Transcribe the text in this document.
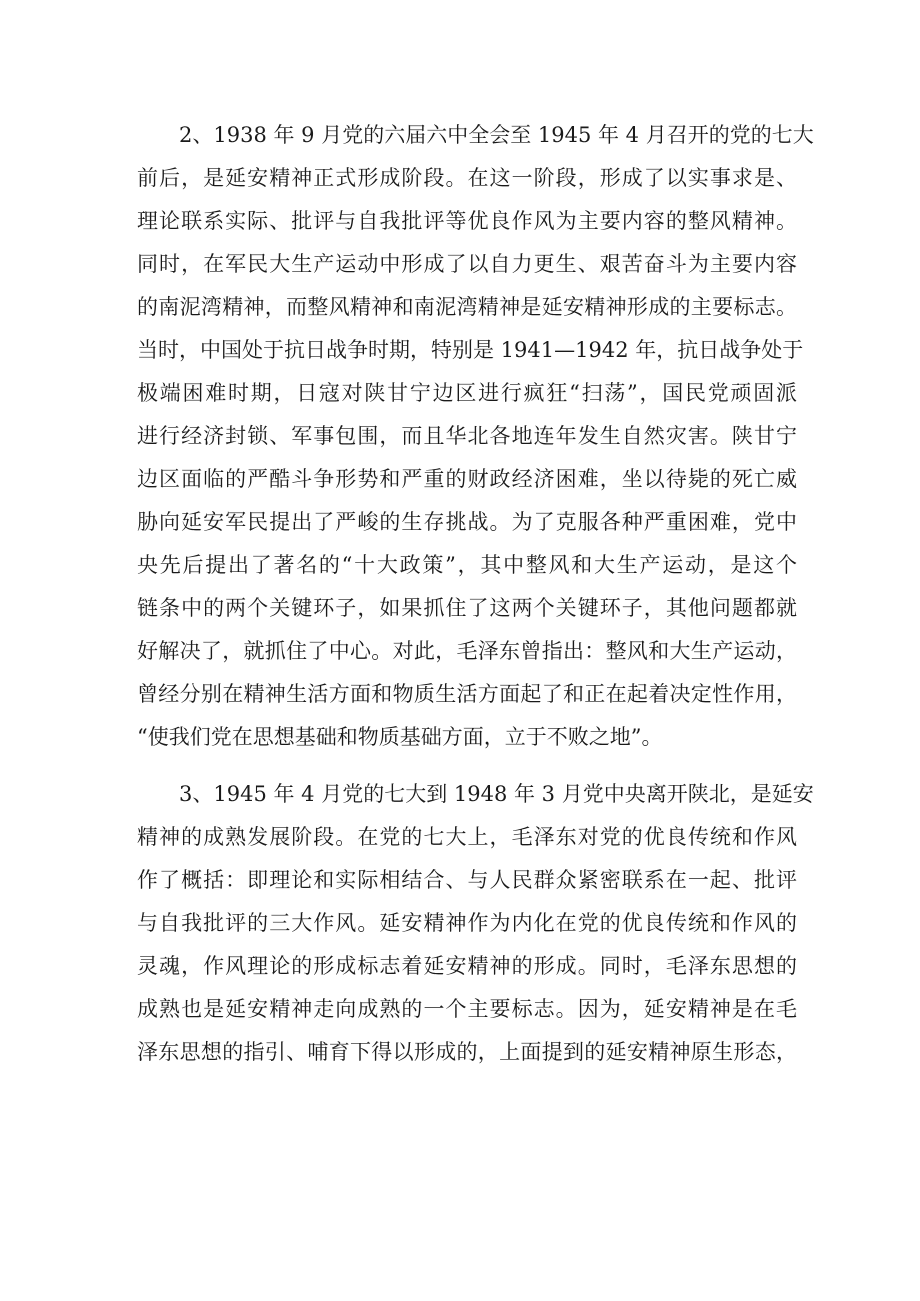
2、1938 年 9 月党的六届六中全会至 1945 年 4 月召开的党的七大
前后，是延安精神正式形成阶段。在这一阶段，形成了以实事求是、
理论联系实际、批评与自我批评等优良作风为主要内容的整风精神。
同时，在军民大生产运动中形成了以自力更生、艰苦奋斗为主要内容
的南泥湾精神，而整风精神和南泥湾精神是延安精神形成的主要标志。
当时，中国处于抗日战争时期，特别是 1941—1942 年，抗日战争处于
极端困难时期，日寇对陕甘宁边区进行疯狂“扫荡”，国民党顽固派
进行经济封锁、军事包围，而且华北各地连年发生自然灾害。陕甘宁
边区面临的严酷斗争形势和严重的财政经济困难，坐以待毙的死亡威
胁向延安军民提出了严峻的生存挑战。为了克服各种严重困难，党中
央先后提出了著名的“十大政策”，其中整风和大生产运动，是这个
链条中的两个关键环子，如果抓住了这两个关键环子，其他问题都就
好解决了，就抓住了中心。对此，毛泽东曾指出：整风和大生产运动，
曾经分别在精神生活方面和物质生活方面起了和正在起着决定性作用，
“使我们党在思想基础和物质基础方面，立于不败之地”。
3、1945 年 4 月党的七大到 1948 年 3 月党中央离开陕北，是延安
精神的成熟发展阶段。在党的七大上，毛泽东对党的优良传统和作风
作了概括：即理论和实际相结合、与人民群众紧密联系在一起、批评
与自我批评的三大作风。延安精神作为内化在党的优良传统和作风的
灵魂，作风理论的形成标志着延安精神的形成。同时，毛泽东思想的
成熟也是延安精神走向成熟的一个主要标志。因为，延安精神是在毛
泽东思想的指引、哺育下得以形成的，上面提到的延安精神原生形态，
